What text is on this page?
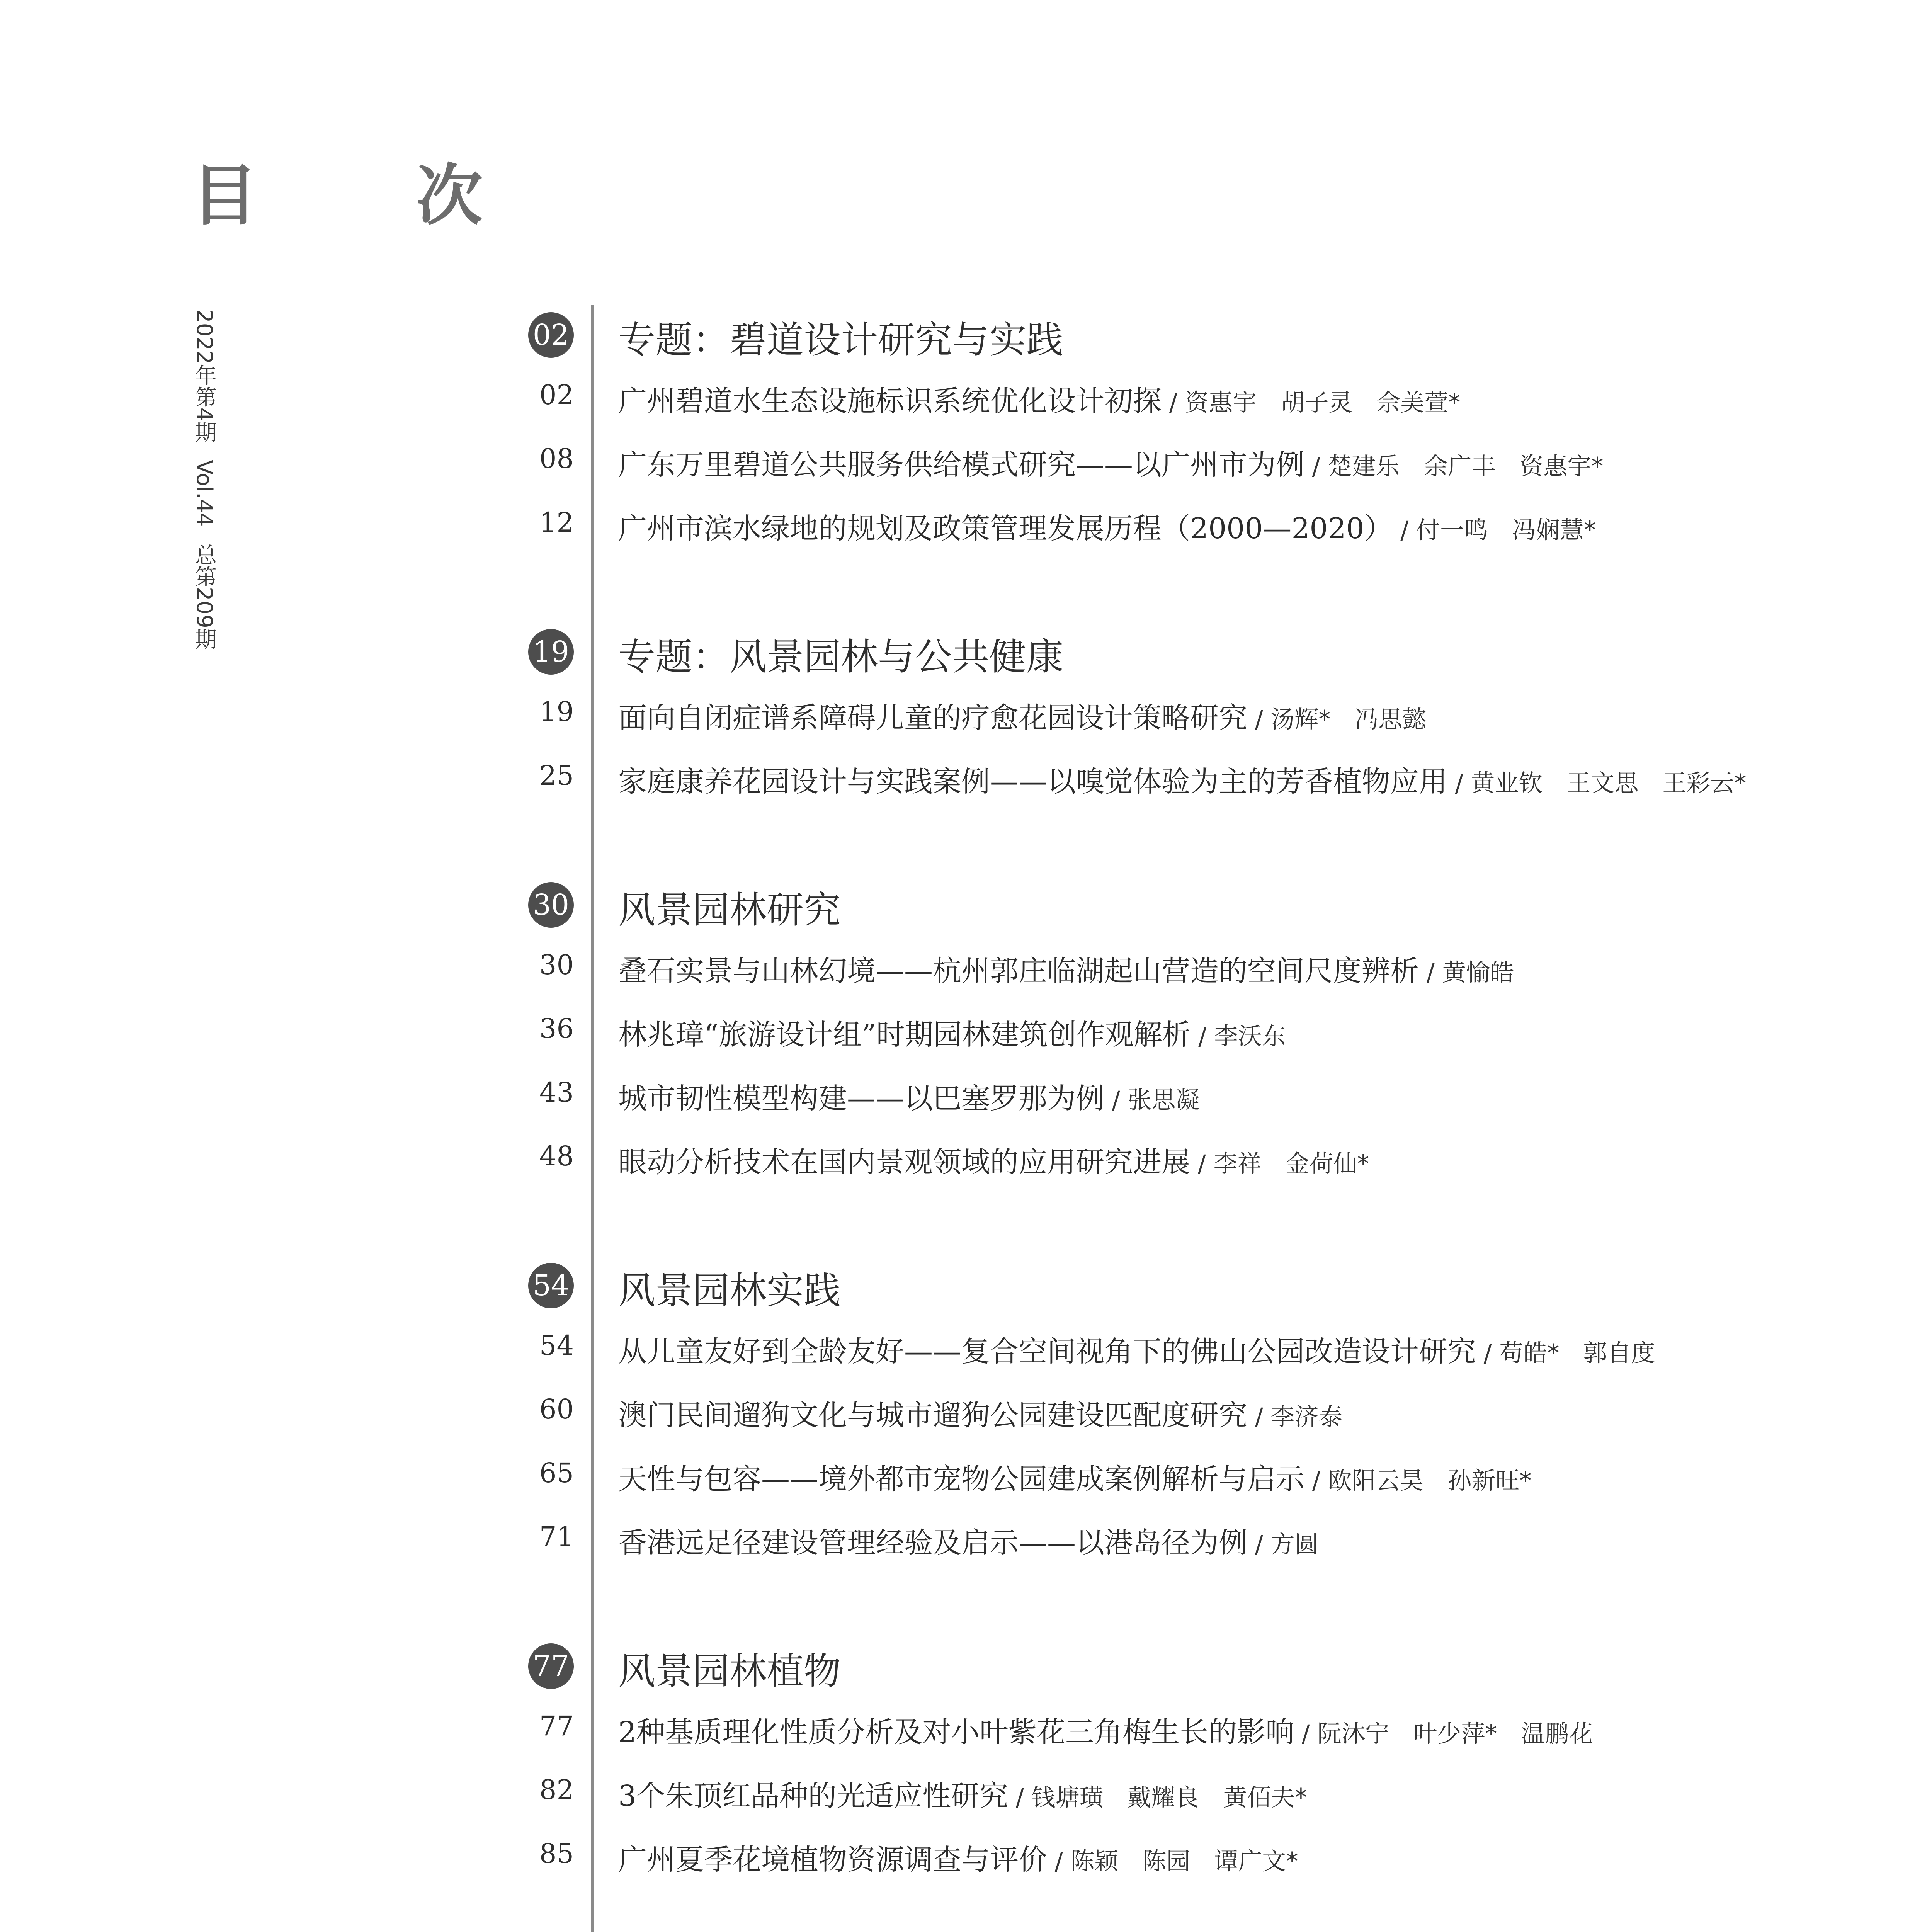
目 次
2022年第4期 Vol.44 总第209期
02 专题：碧道设计研究与实践
02 广州碧道水生态设施标识系统优化设计初探 / 资惠宇　胡子灵　佘美萱*
08 广东万里碧道公共服务供给模式研究——以广州市为例 / 楚建乐　余广丰　资惠宇*
12 广州市滨水绿地的规划及政策管理发展历程（2000—2020） / 付一鸣　冯娴慧*
19 专题：风景园林与公共健康
19 面向自闭症谱系障碍儿童的疗愈花园设计策略研究 / 汤辉*　冯思懿
25 家庭康养花园设计与实践案例——以嗅觉体验为主的芳香植物应用 / 黄业钦　王文思　王彩云*
30 风景园林研究
30 叠石实景与山林幻境——杭州郭庄临湖起山营造的空间尺度辨析 / 黄愉皓
36 林兆璋“旅游设计组”时期园林建筑创作观解析 / 李沃东
43 城市韧性模型构建——以巴塞罗那为例 / 张思凝
48 眼动分析技术在国内景观领域的应用研究进展 / 李祥　金荷仙*
54 风景园林实践
54 从儿童友好到全龄友好——复合空间视角下的佛山公园改造设计研究 / 苟皓*　郭自度
60 澳门民间遛狗文化与城市遛狗公园建设匹配度研究 / 李济泰
65 天性与包容——境外都市宠物公园建成案例解析与启示 / 欧阳云昊　孙新旺*
71 香港远足径建设管理经验及启示——以港岛径为例 / 方圆
77 风景园林植物
77 2种基质理化性质分析及对小叶紫花三角梅生长的影响 / 阮沐宁　叶少萍*　温鹏花
82 3个朱顶红品种的光适应性研究 / 钱塘璜　戴耀良　黄佰夫*
85 广州夏季花境植物资源调查与评价 / 陈颖　陈园　谭广文*
